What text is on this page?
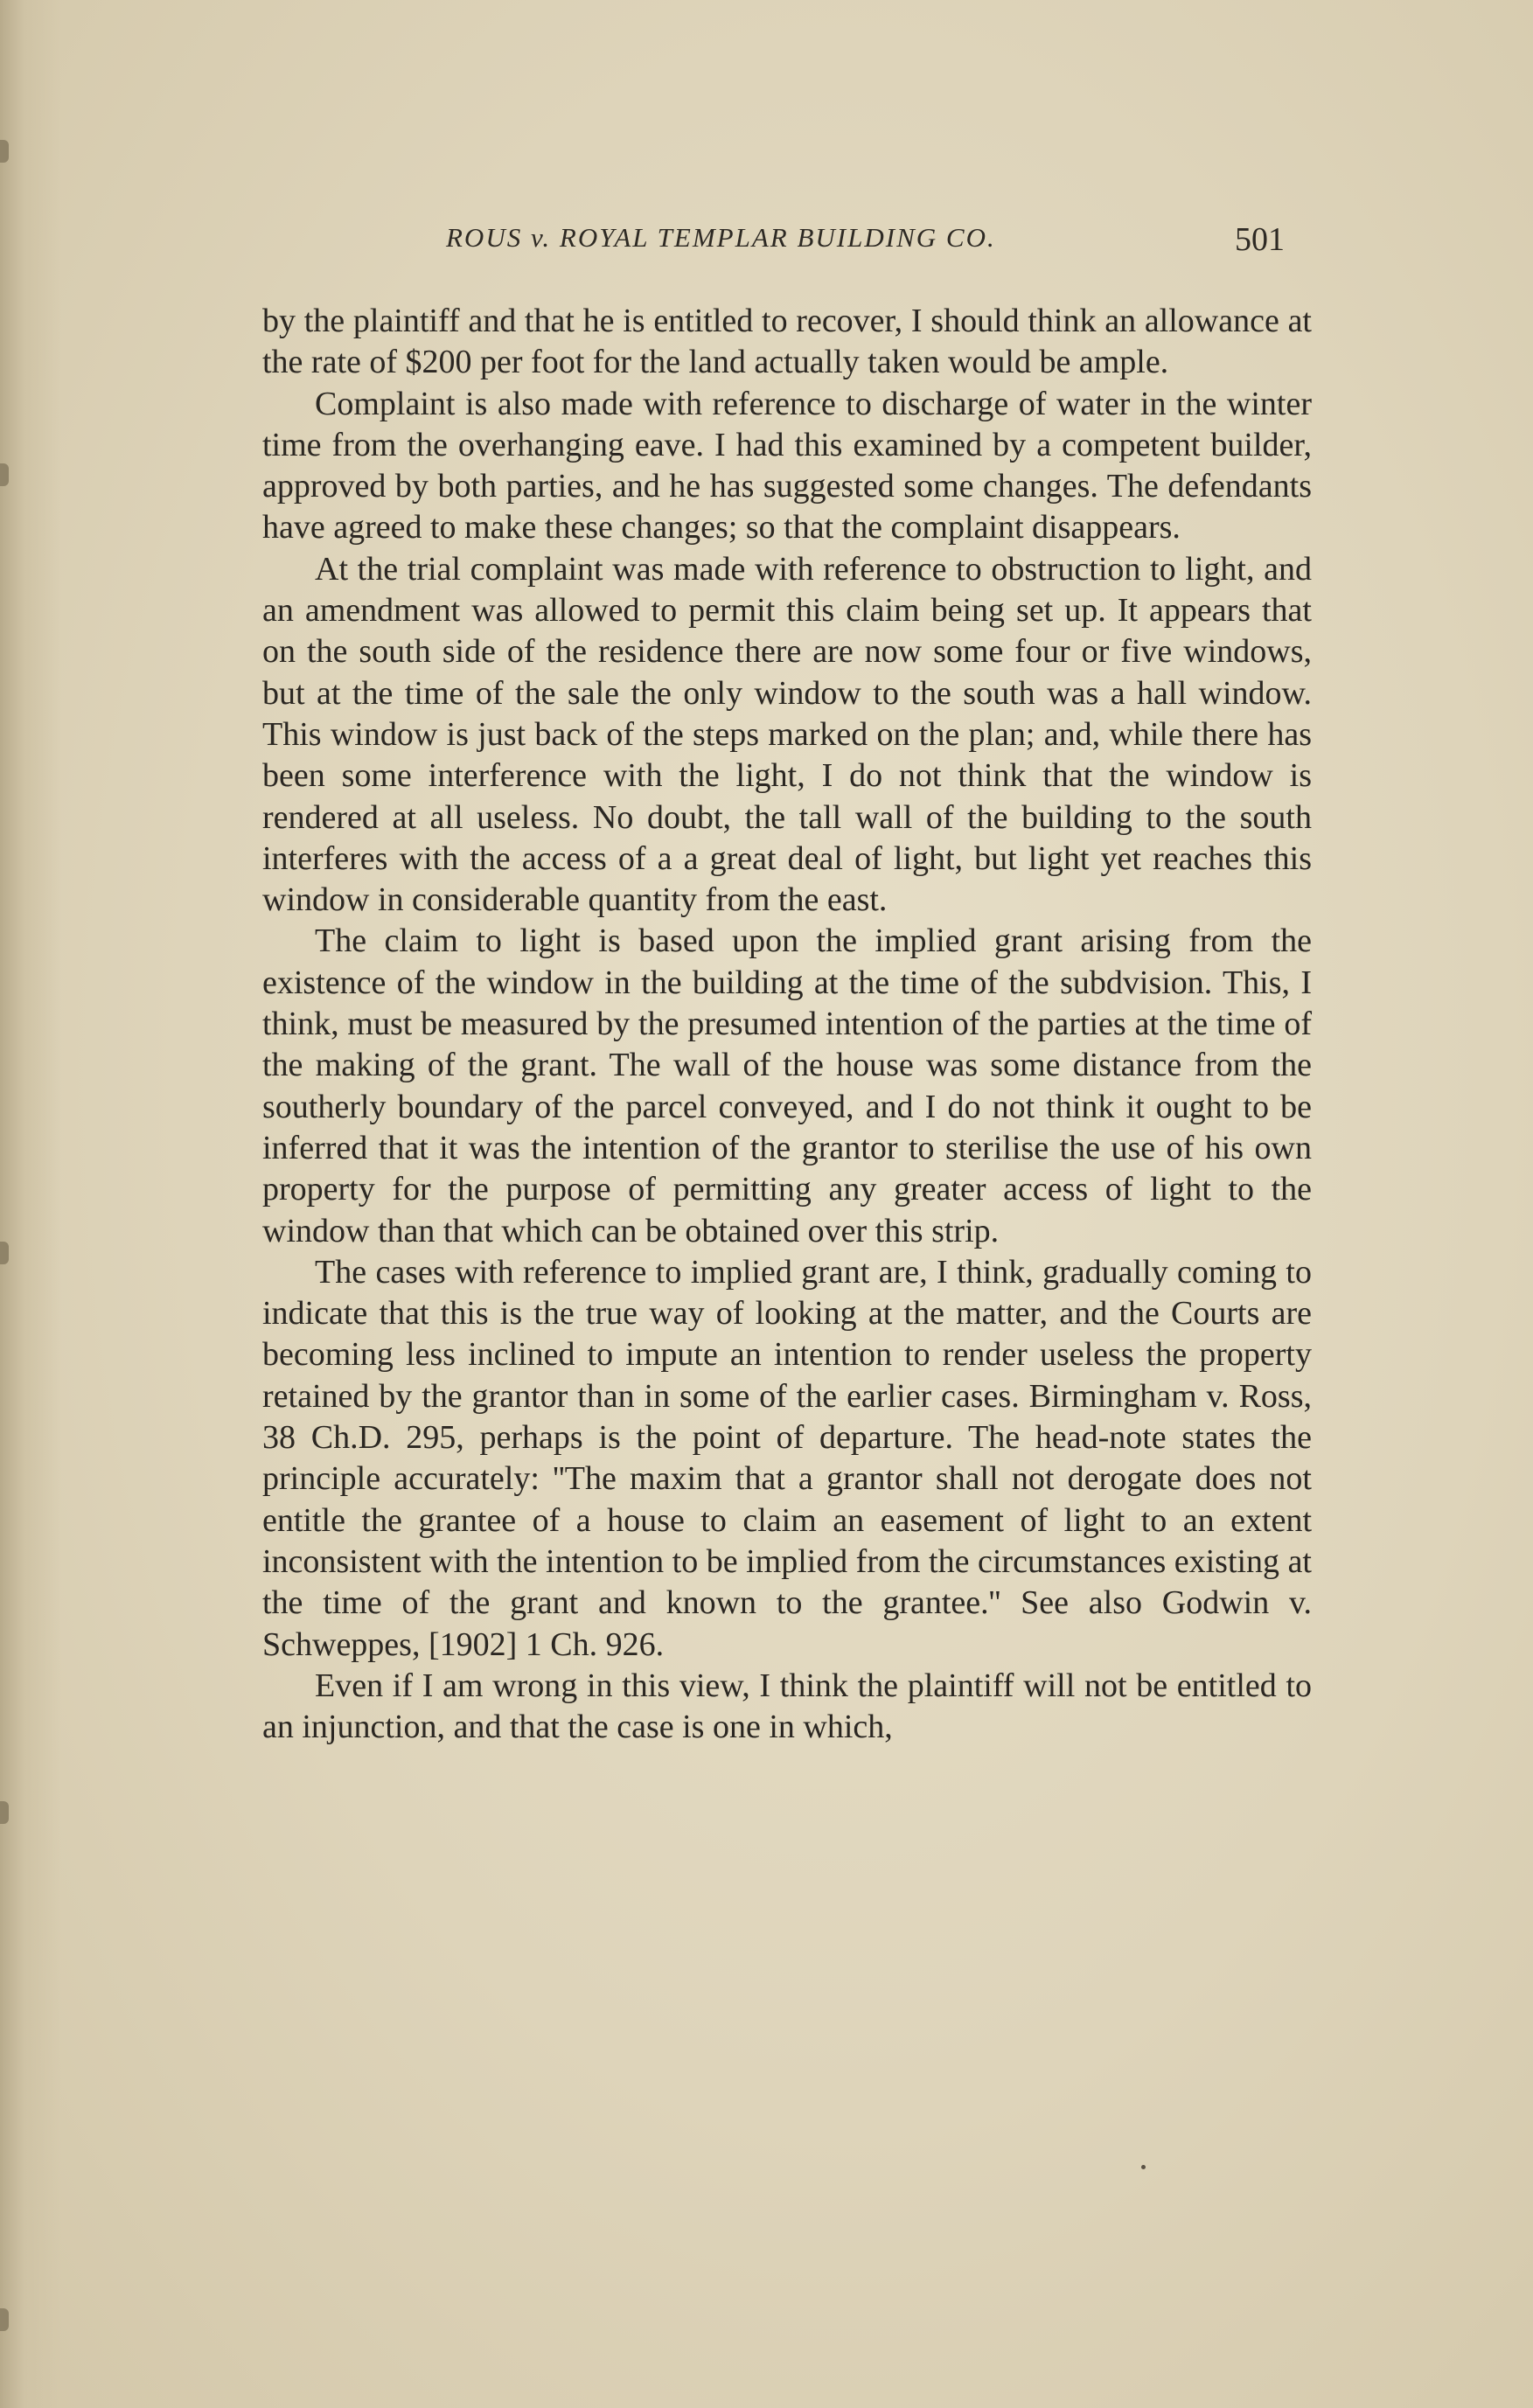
ROUS v. ROYAL TEMPLAR BUILDING CO.	501

by the plaintiff and that he is entitled to recover, I should think an allowance at the rate of $200 per foot for the land actually taken would be ample.

Complaint is also made with reference to discharge of water in the winter time from the overhanging eave. I had this examined by a competent builder, approved by both parties, and he has suggested some changes. The defendants have agreed to make these changes; so that the complaint disappears.

At the trial complaint was made with reference to obstruction to light, and an amendment was allowed to permit this claim being set up. It appears that on the south side of the residence there are now some four or five windows, but at the time of the sale the only window to the south was a hall window. This window is just back of the steps marked on the plan; and, while there has been some interference with the light, I do not think that the window is rendered at all useless. No doubt, the tall wall of the building to the south interferes with the access of a a great deal of light, but light yet reaches this window in considerable quantity from the east.

The claim to light is based upon the implied grant arising from the existence of the window in the building at the time of the subdvision. This, I think, must be measured by the presumed intention of the parties at the time of the making of the grant. The wall of the house was some distance from the southerly boundary of the parcel conveyed, and I do not think it ought to be inferred that it was the intention of the grantor to sterilise the use of his own property for the purpose of permitting any greater access of light to the window than that which can be obtained over this strip.

The cases with reference to implied grant are, I think, gradually coming to indicate that this is the true way of looking at the matter, and the Courts are becoming less inclined to impute an intention to render useless the property retained by the grantor than in some of the earlier cases. Birmingham v. Ross, 38 Ch.D. 295, perhaps is the point of departure. The head-note states the principle accurately: ''The maxim that a grantor shall not derogate does not entitle the grantee of a house to claim an easement of light to an extent inconsistent with the intention to be implied from the circumstances existing at the time of the grant and known to the grantee.'' See also Godwin v. Schweppes, [1902] 1 Ch. 926.

Even if I am wrong in this view, I think the plaintiff will not be entitled to an injunction, and that the case is one in which,
